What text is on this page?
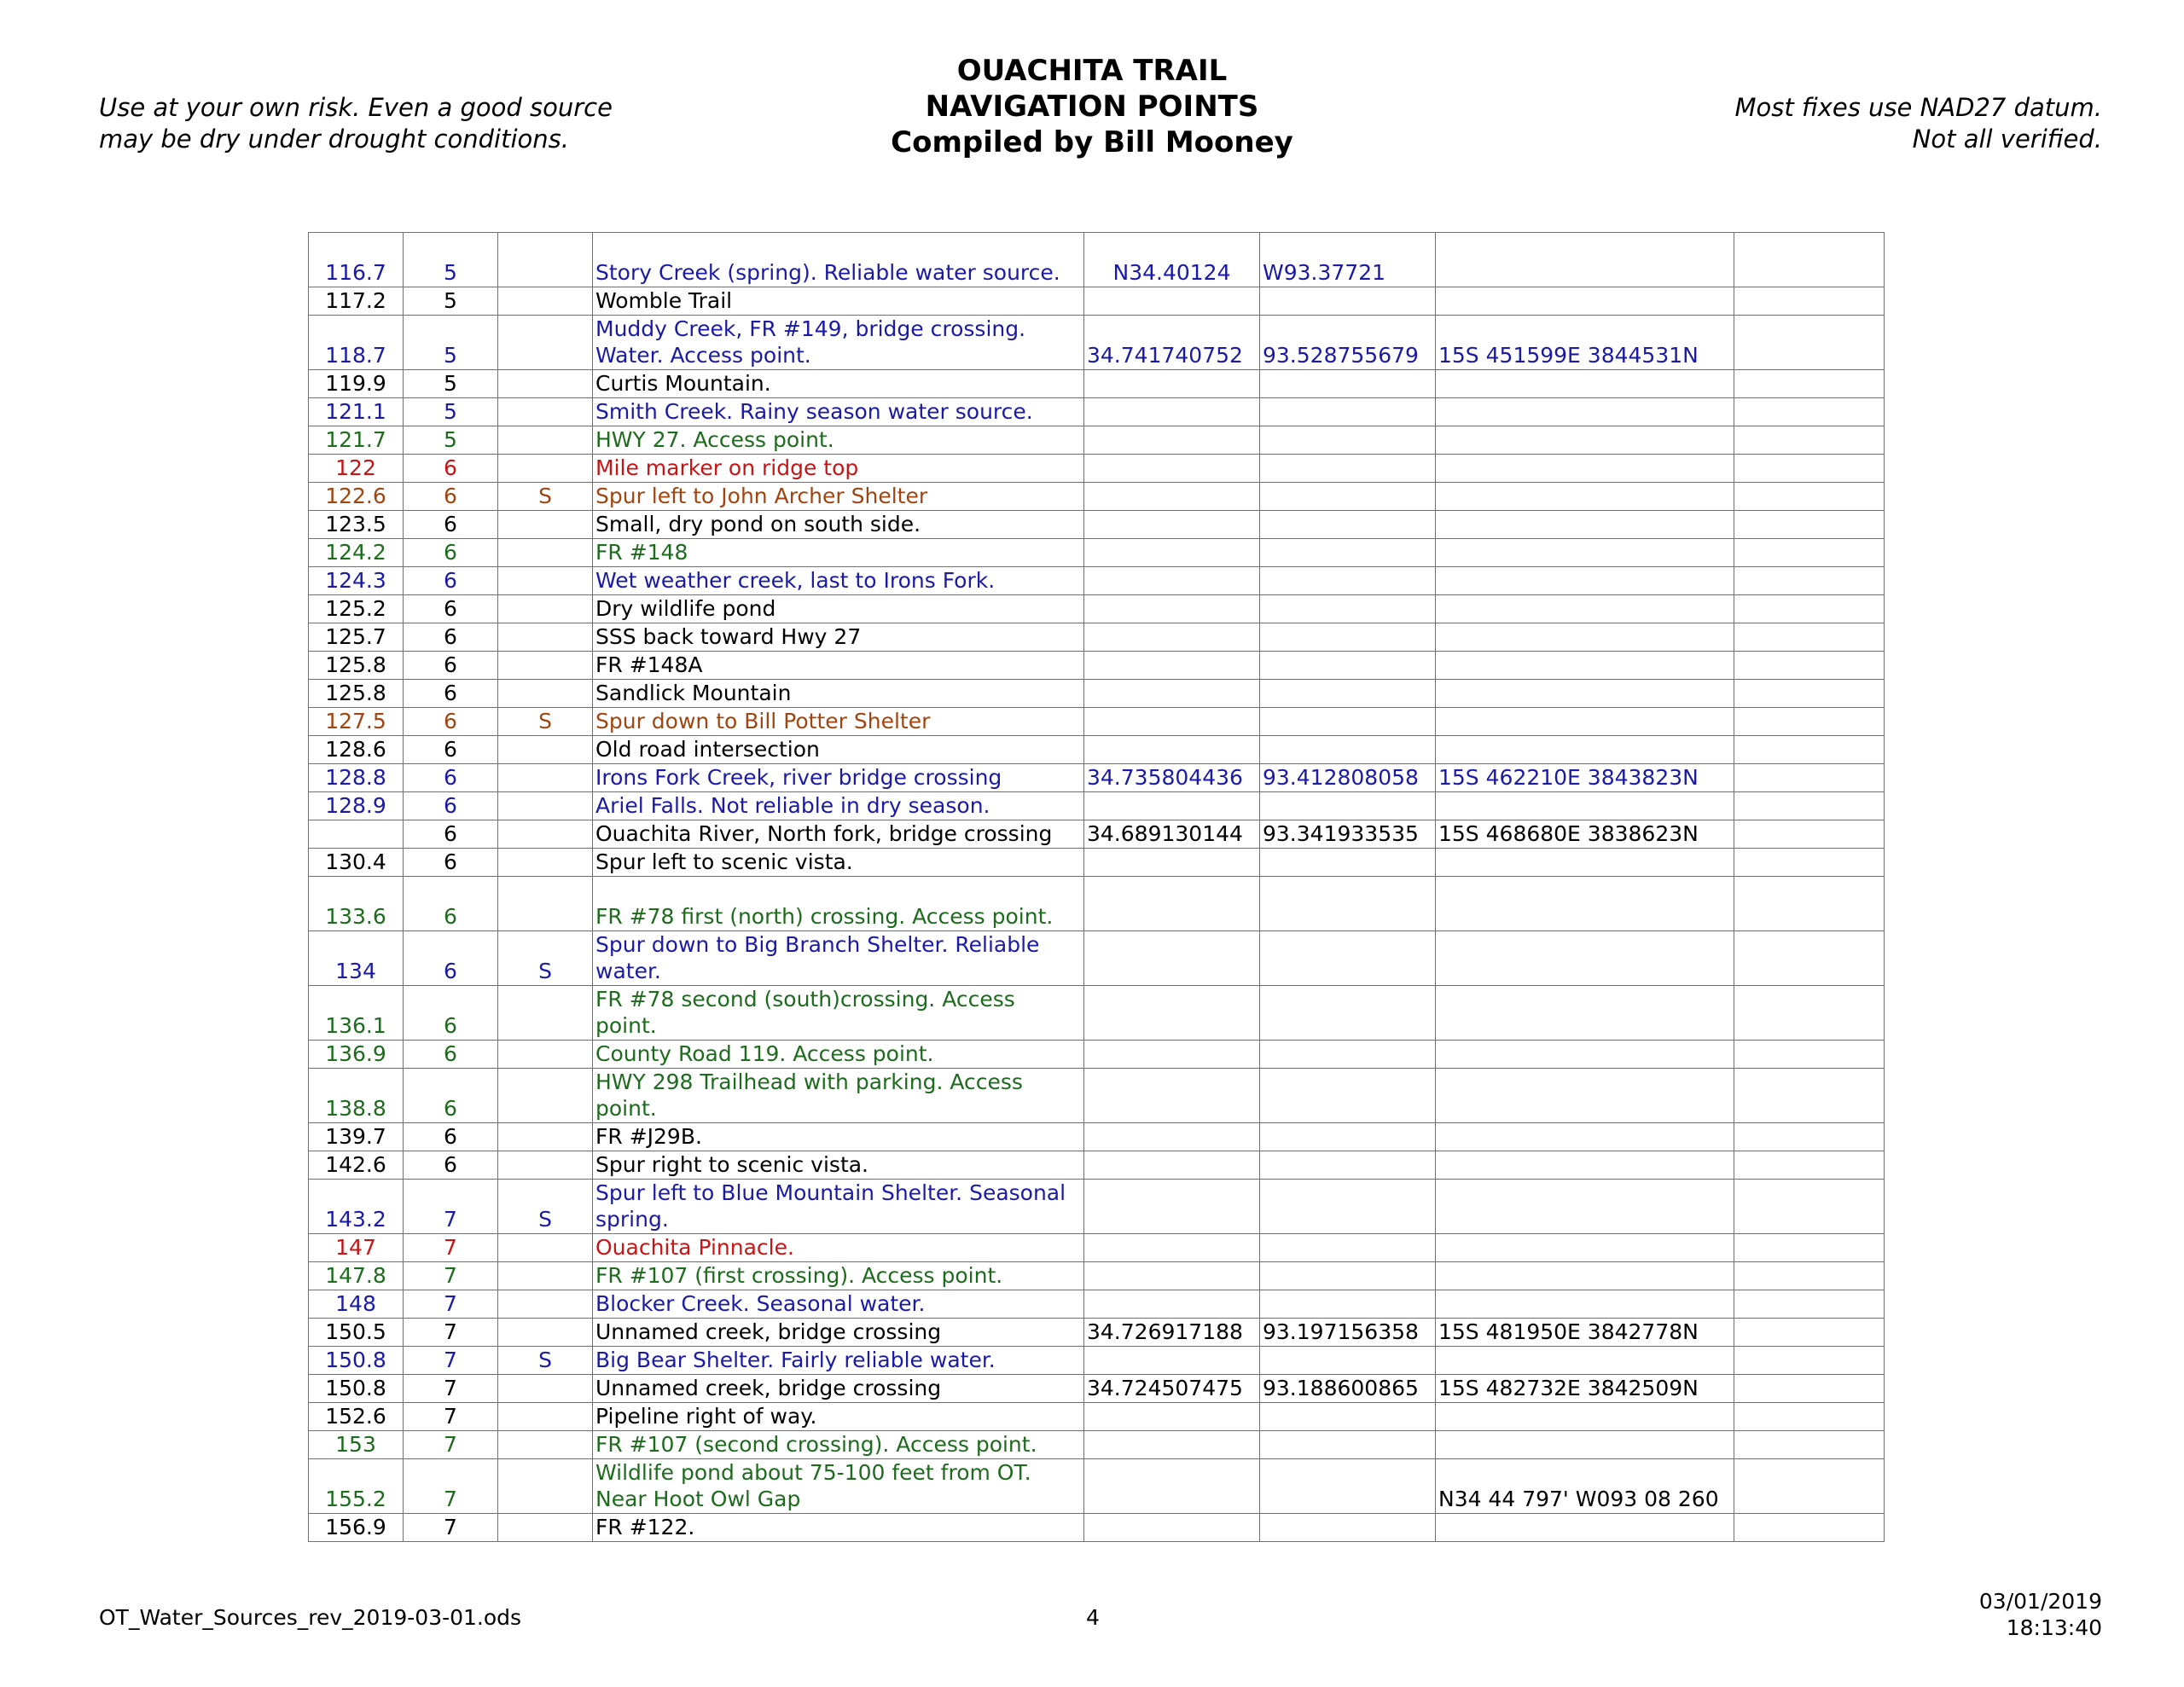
Use at your own risk. Even a good source
may be dry under drought conditions.
OUACHITA TRAIL
NAVIGATION POINTS
Compiled by Bill Mooney
Most fixes use NAD27 datum.
Not all verified.
116.7	5		Story Creek (spring). Reliable water source.	N34.40124	W93.37721		
117.2	5		Womble Trail				
118.7	5		Muddy Creek, FR #149, bridge crossing. Water. Access point.	34.741740752	93.528755679	15S 451599E 3844531N	
119.9	5		Curtis Mountain.				
121.1	5		Smith Creek. Rainy season water source.				
121.7	5		HWY 27. Access point.				
122	6		Mile marker on ridge top				
122.6	6	S	Spur left to John Archer Shelter				
123.5	6		Small, dry pond on south side.				
124.2	6		FR #148				
124.3	6		Wet weather creek, last to Irons Fork.				
125.2	6		Dry wildlife pond				
125.7	6		SSS back toward Hwy 27				
125.8	6		FR #148A				
125.8	6		Sandlick Mountain				
127.5	6	S	Spur down to Bill Potter Shelter				
128.6	6		Old road intersection				
128.8	6		Irons Fork Creek, river bridge crossing	34.735804436	93.412808058	15S 462210E 3843823N	
128.9	6		Ariel Falls. Not reliable in dry season.				
	6		Ouachita River, North fork, bridge crossing	34.689130144	93.341933535	15S 468680E 3838623N	
130.4	6		Spur left to scenic vista.				
133.6	6		FR #78 first (north) crossing. Access point.				
134	6	S	Spur down to Big Branch Shelter. Reliable water.				
136.1	6		FR #78 second (south)crossing. Access point.				
136.9	6		County Road 119. Access point.				
138.8	6		HWY 298 Trailhead with parking. Access point.				
139.7	6		FR #J29B.				
142.6	6		Spur right to scenic vista.				
143.2	7	S	Spur left to Blue Mountain Shelter. Seasonal spring.				
147	7		Ouachita Pinnacle.				
147.8	7		FR #107 (first crossing). Access point.				
148	7		Blocker Creek. Seasonal water.				
150.5	7		Unnamed creek, bridge crossing	34.726917188	93.197156358	15S 481950E 3842778N	
150.8	7	S	Big Bear Shelter. Fairly reliable water.				
150.8	7		Unnamed creek, bridge crossing	34.724507475	93.188600865	15S 482732E 3842509N	
152.6	7		Pipeline right of way.				
153	7		FR #107 (second crossing). Access point.				
155.2	7		Wildlife pond about 75-100 feet from OT. Near Hoot Owl Gap			N34 44 797' W093 08 260	
156.9	7		FR #122.				
OT_Water_Sources_rev_2019-03-01.ods	4
03/01/2019
18:13:40
